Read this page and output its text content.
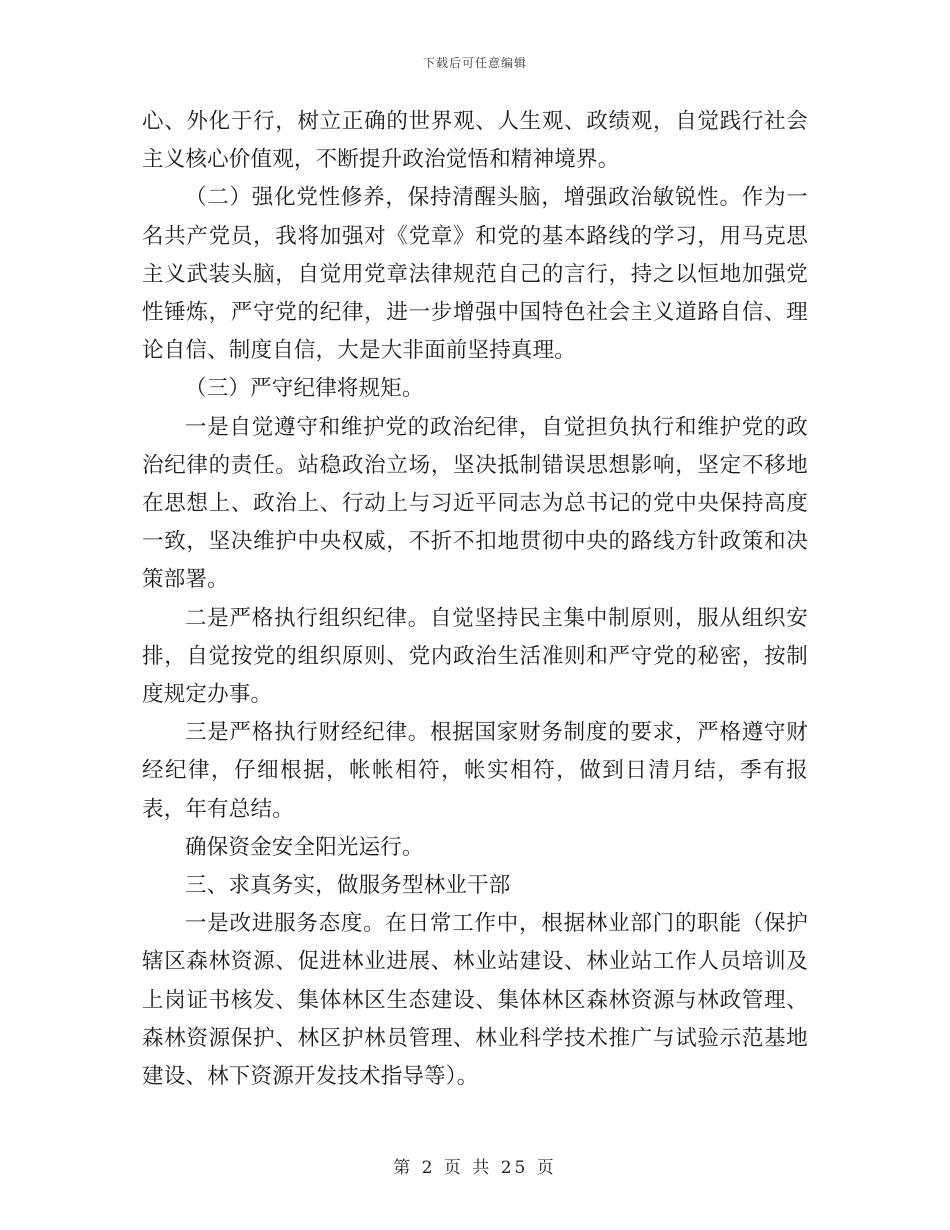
下载后可任意编辑

心、外化于行，树立正确的世界观、人生观、政绩观，自觉践行社会主义核心价值观，不断提升政治觉悟和精神境界。

（二）强化党性修养，保持清醒头脑，增强政治敏锐性。作为一名共产党员，我将加强对《党章》和党的基本路线的学习，用马克思主义武装头脑，自觉用党章法律规范自己的言行，持之以恒地加强党性锤炼，严守党的纪律，进一步增强中国特色社会主义道路自信、理论自信、制度自信，大是大非面前坚持真理。

（三）严守纪律将规矩。

一是自觉遵守和维护党的政治纪律，自觉担负执行和维护党的政治纪律的责任。站稳政治立场，坚决抵制错误思想影响，坚定不移地在思想上、政治上、行动上与习近平同志为总书记的党中央保持高度一致，坚决维护中央权威，不折不扣地贯彻中央的路线方针政策和决策部署。

二是严格执行组织纪律。自觉坚持民主集中制原则，服从组织安排，自觉按党的组织原则、党内政治生活准则和严守党的秘密，按制度规定办事。

三是严格执行财经纪律。根据国家财务制度的要求，严格遵守财经纪律，仔细根据，帐帐相符，帐实相符，做到日清月结，季有报表，年有总结。

确保资金安全阳光运行。

三、求真务实，做服务型林业干部

一是改进服务态度。在日常工作中，根据林业部门的职能（保护辖区森林资源、促进林业进展、林业站建设、林业站工作人员培训及上岗证书核发、集体林区生态建设、集体林区森林资源与林政管理、森林资源保护、林区护林员管理、林业科学技术推广与试验示范基地建设、林下资源开发技术指导等）。

第 2 页 共 25 页
